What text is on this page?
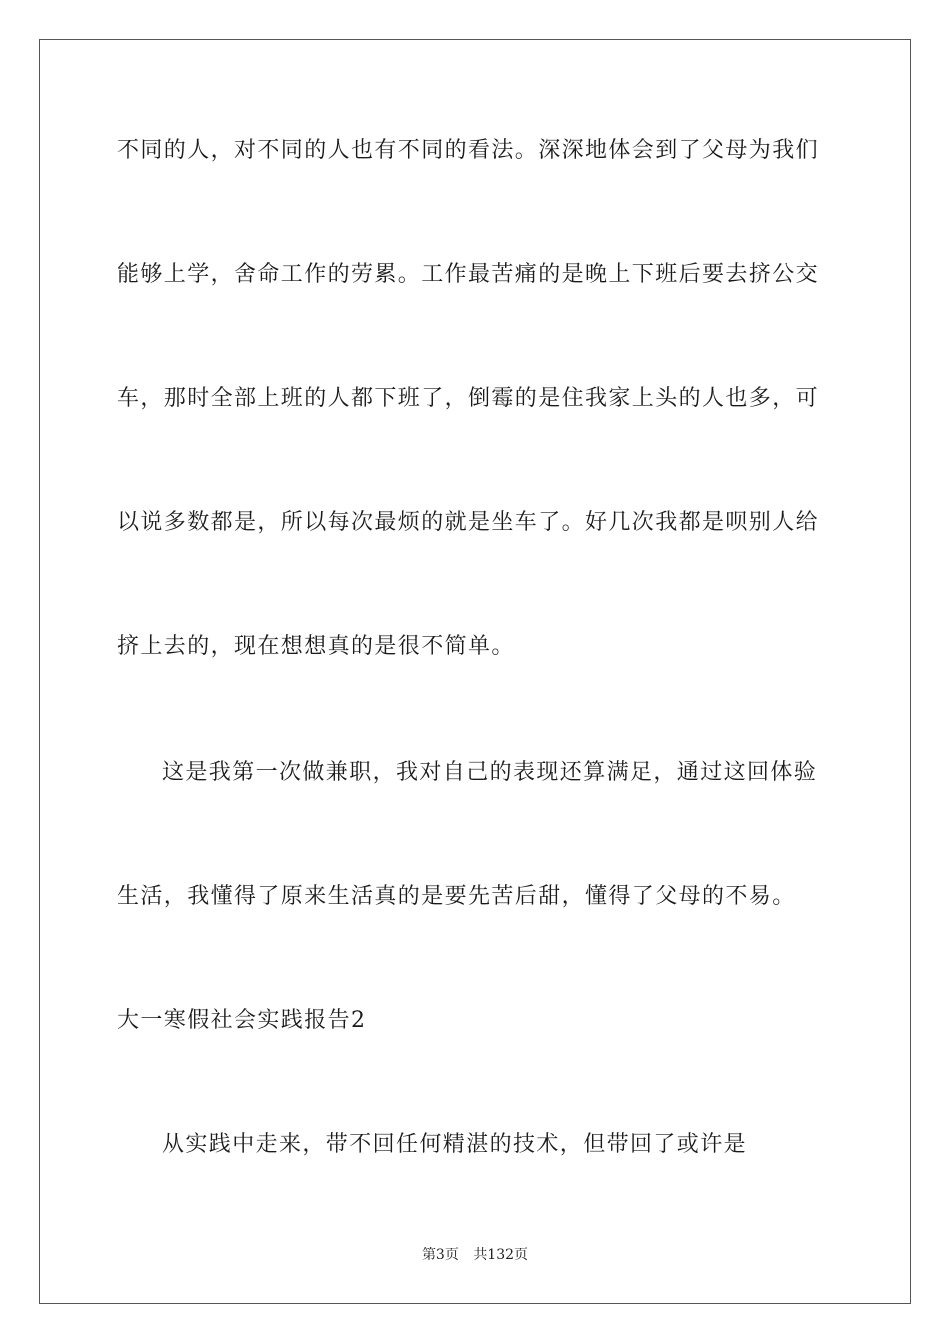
不同的人，对不同的人也有不同的看法。深深地体会到了父母为我们
能够上学，舍命工作的劳累。工作最苦痛的是晚上下班后要去挤公交
车，那时全部上班的人都下班了，倒霉的是住我家上头的人也多，可
以说多数都是，所以每次最烦的就是坐车了。好几次我都是呗别人给
挤上去的，现在想想真的是很不简单。
这是我第一次做兼职，我对自己的表现还算满足，通过这回体验
生活，我懂得了原来生活真的是要先苦后甜，懂得了父母的不易。
大一寒假社会实践报告2
从实践中走来，带不回任何精湛的技术，但带回了或许是
第3页 共132页
